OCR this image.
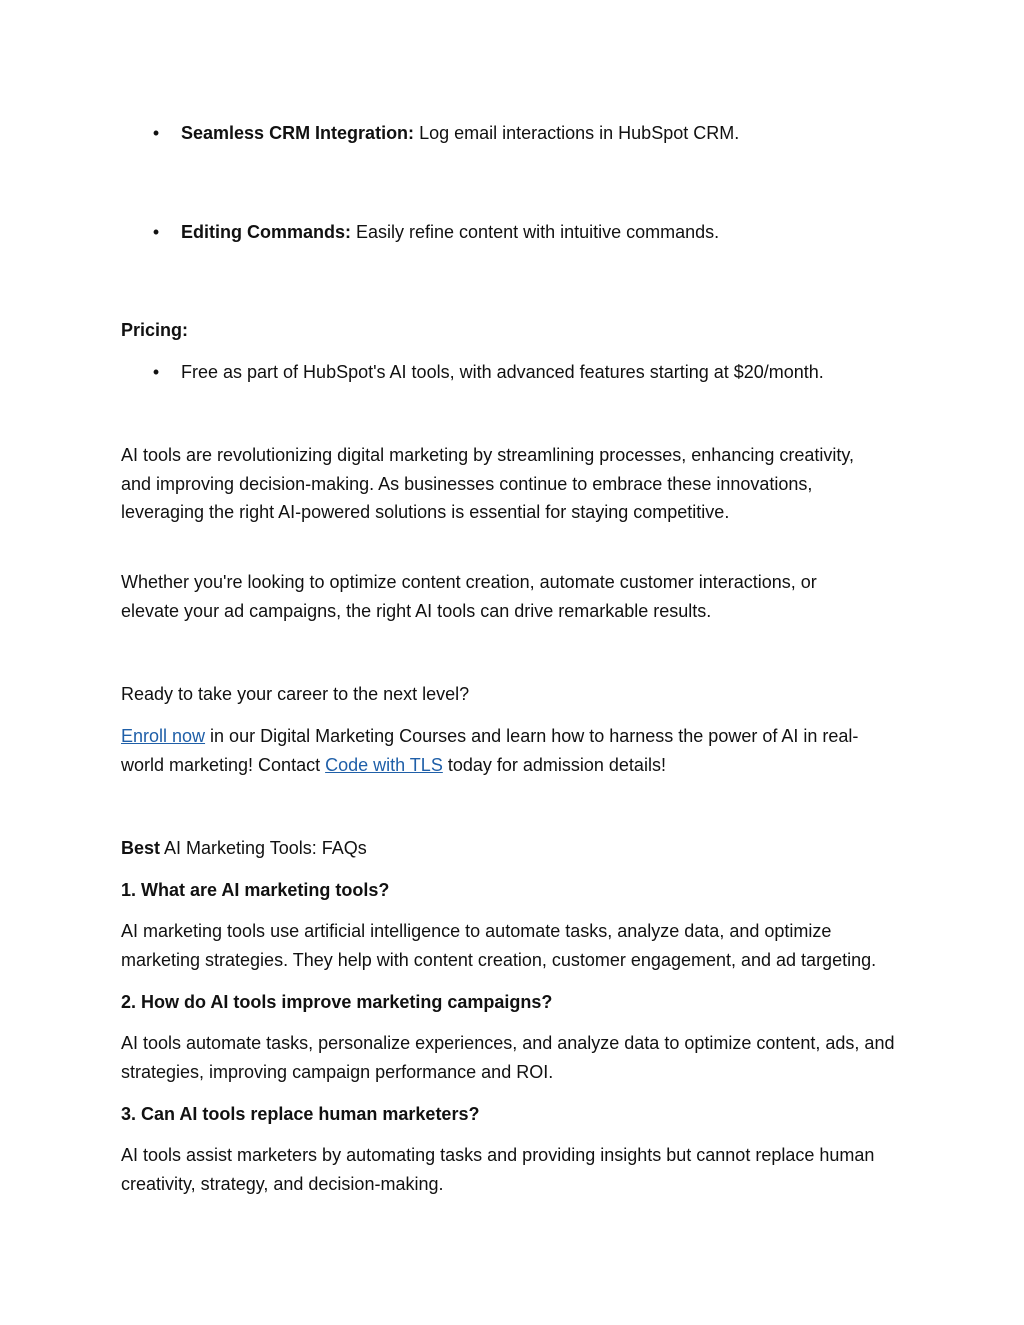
• Seamless CRM Integration: Log email interactions in HubSpot CRM.
• Editing Commands: Easily refine content with intuitive commands.
Pricing:
• Free as part of HubSpot's AI tools, with advanced features starting at $20/month.
AI tools are revolutionizing digital marketing by streamlining processes, enhancing creativity,
and improving decision-making. As businesses continue to embrace these innovations,
leveraging the right AI-powered solutions is essential for staying competitive.
Whether you're looking to optimize content creation, automate customer interactions, or
elevate your ad campaigns, the right AI tools can drive remarkable results.
Ready to take your career to the next level?
Enroll now in our Digital Marketing Courses and learn how to harness the power of AI in real-
world marketing! Contact Code with TLS today for admission details!
Best AI Marketing Tools: FAQs
1. What are AI marketing tools?
AI marketing tools use artificial intelligence to automate tasks, analyze data, and optimize
marketing strategies. They help with content creation, customer engagement, and ad targeting.
2. How do AI tools improve marketing campaigns?
AI tools automate tasks, personalize experiences, and analyze data to optimize content, ads, and
strategies, improving campaign performance and ROI.
3. Can AI tools replace human marketers?
AI tools assist marketers by automating tasks and providing insights but cannot replace human
creativity, strategy, and decision-making.
